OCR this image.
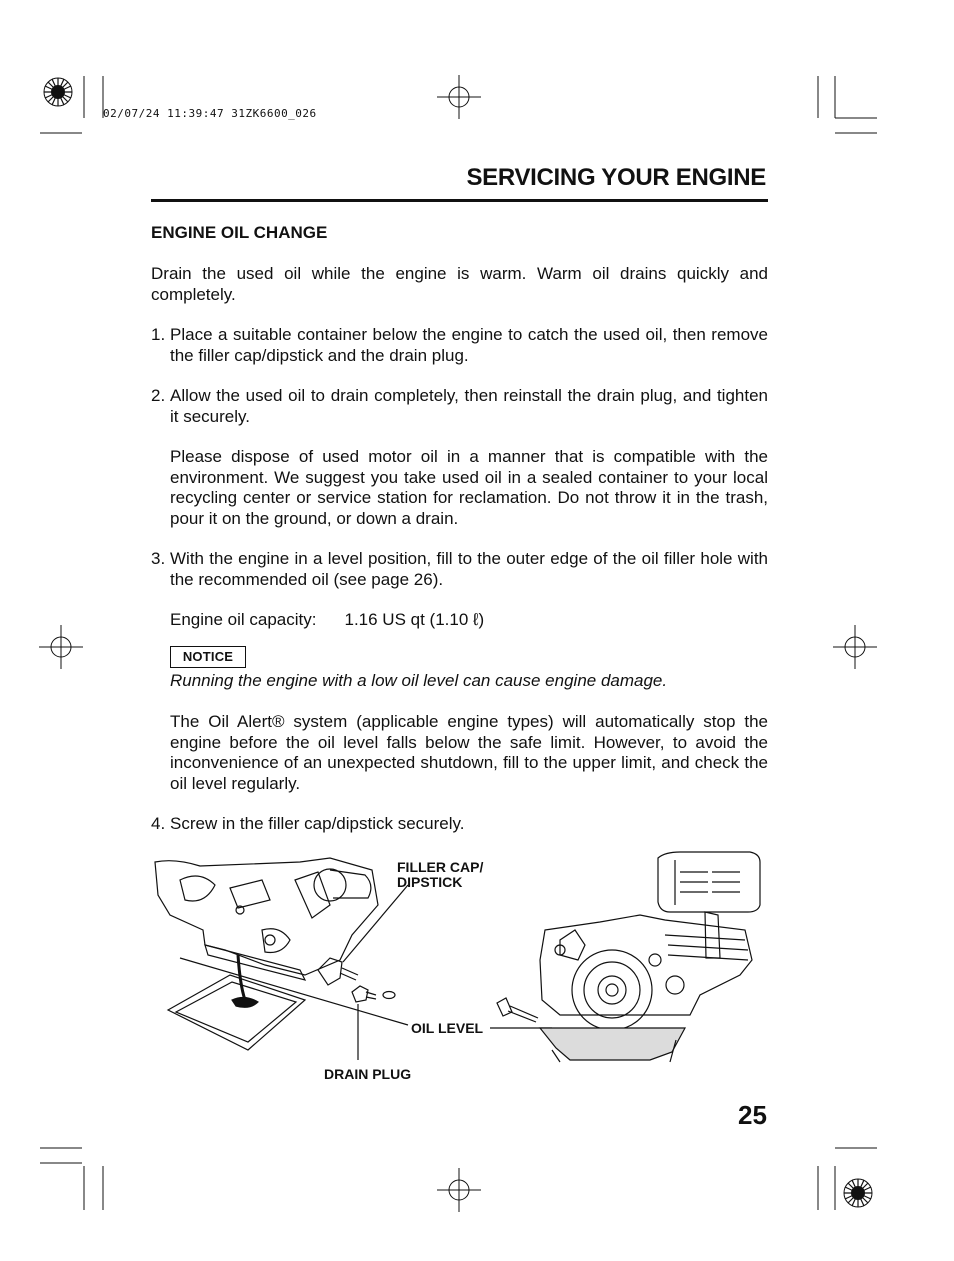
02/07/24 11:39:47 31ZK6600_026
SERVICING YOUR ENGINE
ENGINE OIL CHANGE
Drain the used oil while the engine is warm. Warm oil drains quickly and completely.
1. Place a suitable container below the engine to catch the used oil, then remove the filler cap/dipstick and the drain plug.
2. Allow the used oil to drain completely, then reinstall the drain plug, and tighten it securely.
Please dispose of used motor oil in a manner that is compatible with the environment. We suggest you take used oil in a sealed container to your local recycling center or service station for reclamation. Do not throw it in the trash, pour it on the ground, or down a drain.
3. With the engine in a level position, fill to the outer edge of the oil filler hole with the recommended oil (see page 26).
Engine oil capacity: 1.16 US qt (1.10 ℓ)
NOTICE
Running the engine with a low oil level can cause engine damage.
The Oil Alert® system (applicable engine types) will automatically stop the engine before the oil level falls below the safe limit. However, to avoid the inconvenience of an unexpected shutdown, fill to the upper limit, and check the oil level regularly.
4. Screw in the filler cap/dipstick securely.
FILLER CAP/
DIPSTICK
OIL LEVEL
DRAIN PLUG
25
